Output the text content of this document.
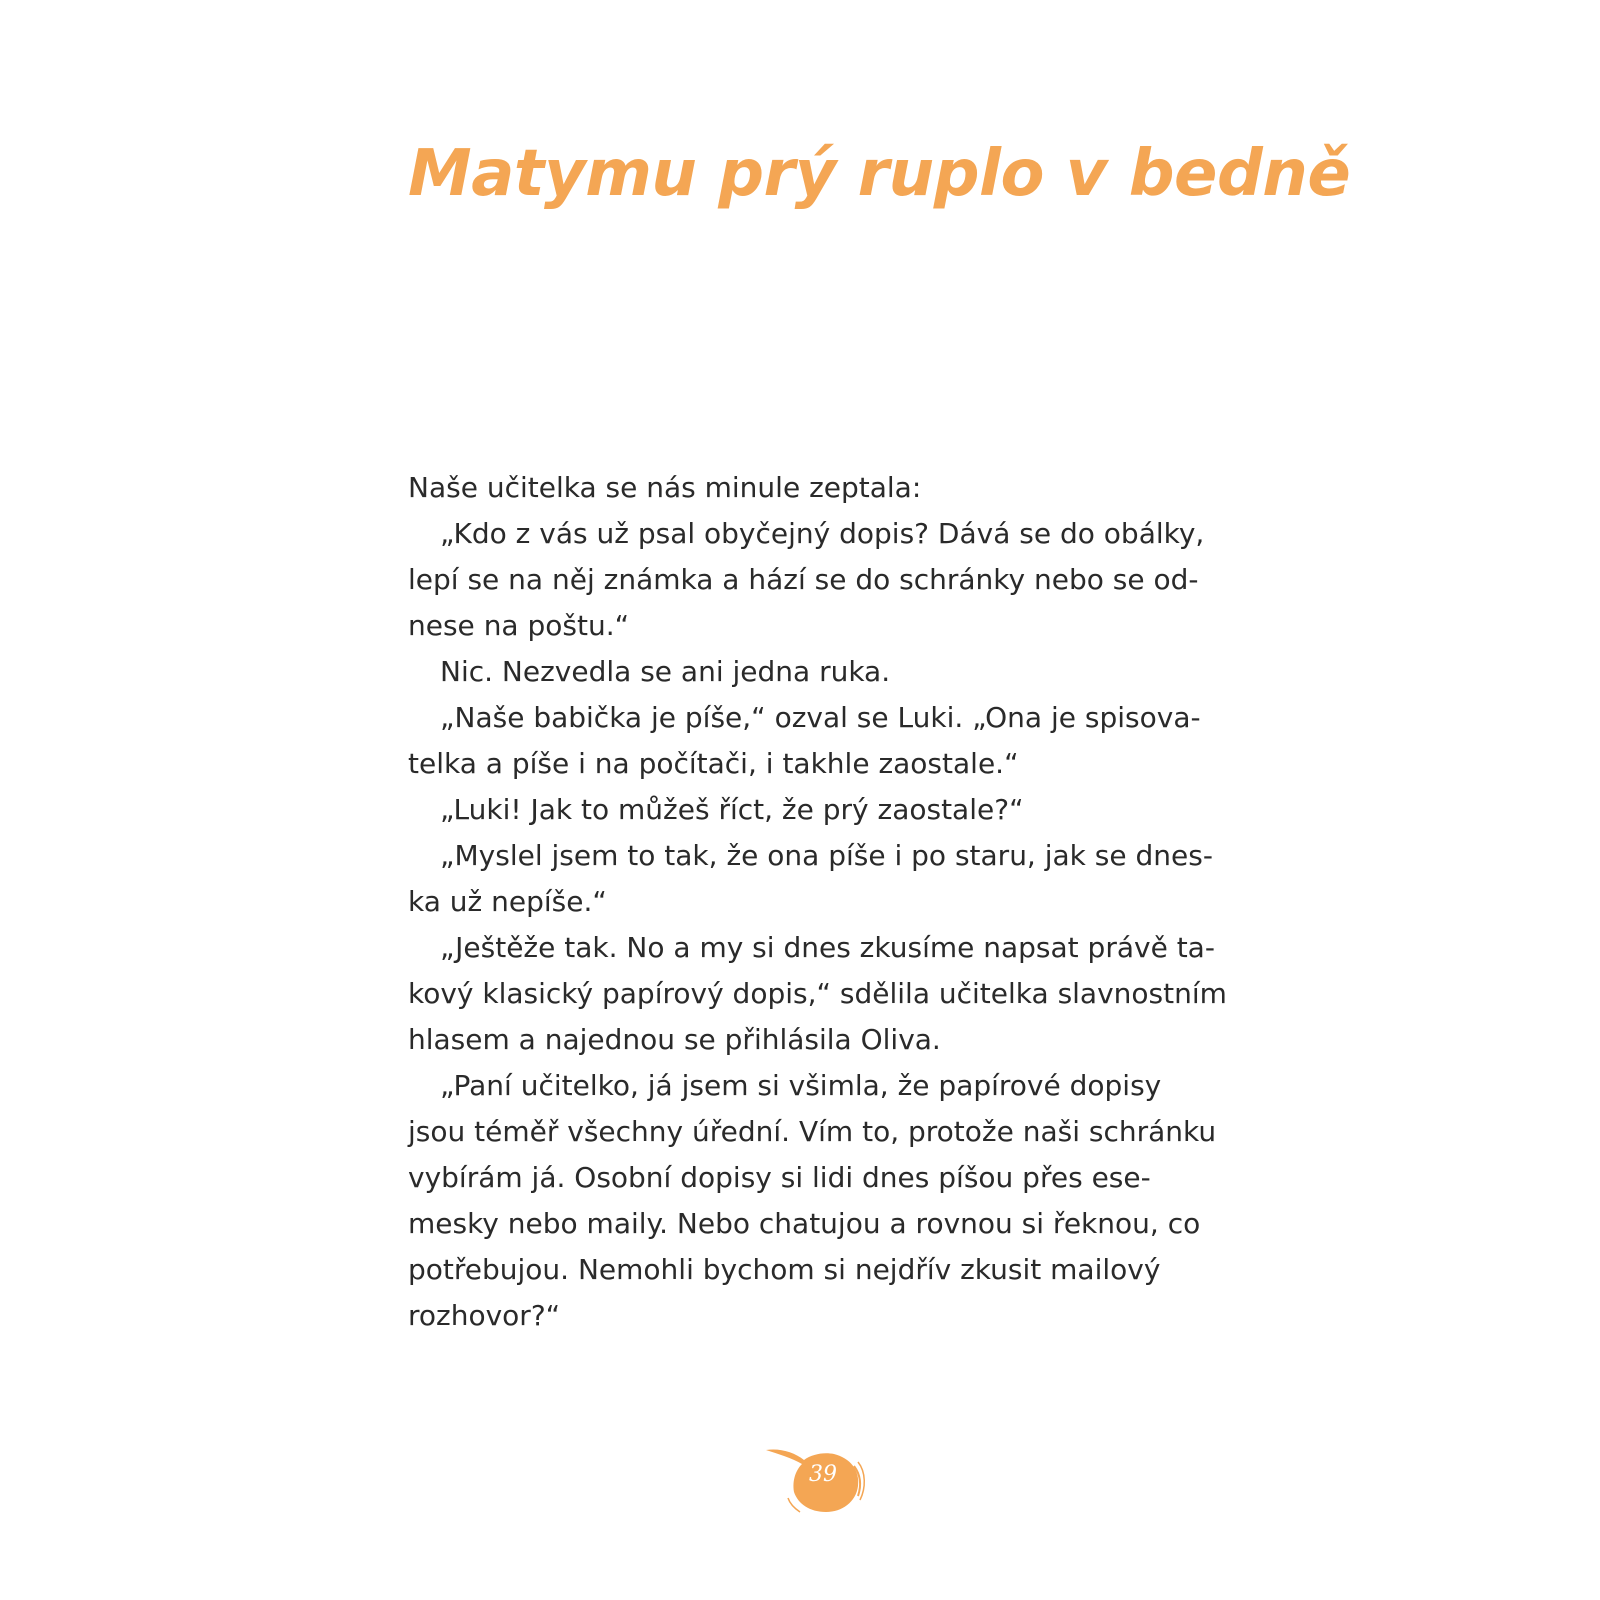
Matymu prý ruplo v bedně
Naše učitelka se nás minule zeptala:
„Kdo z vás už psal obyčejný dopis? Dává se do obálky,
lepí se na něj známka a hází se do schránky nebo se od-
nese na poštu.“
Nic. Nezvedla se ani jedna ruka.
„Naše babička je píše,“ ozval se Luki. „Ona je spisova-
telka a píše i na počítači, i takhle zaostale.“
„Luki! Jak to můžeš říct, že prý zaostale?“
„Myslel jsem to tak, že ona píše i po staru, jak se dnes-
ka už nepíše.“
„Ještěže tak. No a my si dnes zkusíme napsat právě ta-
kový klasický papírový dopis,“ sdělila učitelka slavnostním
hlasem a najednou se přihlásila Oliva.
„Paní učitelko, já jsem si všimla, že papírové dopisy
jsou téměř všechny úřední. Vím to, protože naši schránku
vybírám já. Osobní dopisy si lidi dnes píšou přes ese-
mesky nebo maily. Nebo chatujou a rovnou si řeknou, co
potřebujou. Nemohli bychom si nejdřív zkusit mailový
rozhovor?“
39
